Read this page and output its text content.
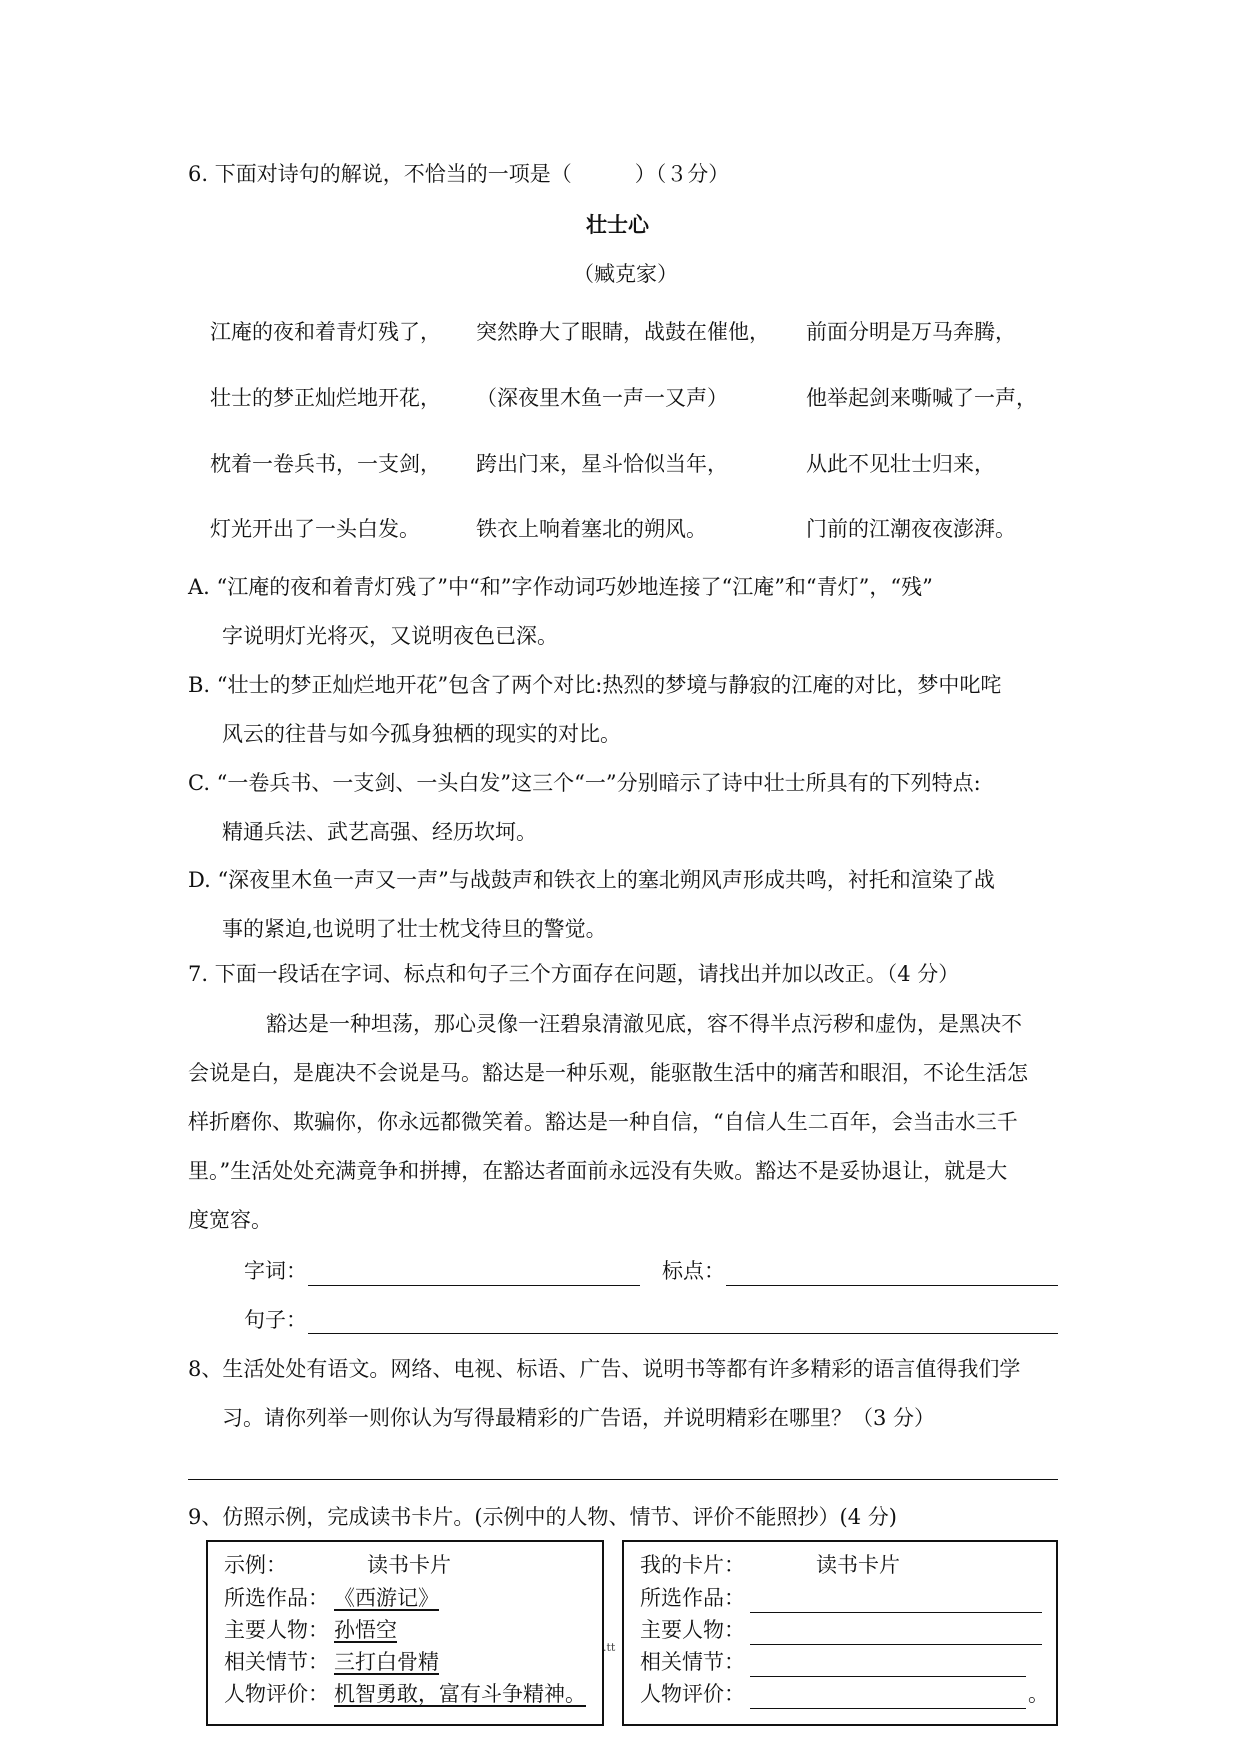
6. 下面对诗句的解说，不恰当的一项是（　　　）（３分）
壮士心
（臧克家）
江庵的夜和着青灯残了， 突然睁大了眼睛，战鼓在催他， 前面分明是万马奔腾，
壮士的梦正灿烂地开花， （深夜里木鱼一声一又声）	他举起剑来嘶喊了一声，
枕着一卷兵书，一支剑， 跨出门来，星斗恰似当年，	从此不见壮士归来，
灯光开出了一头白发。	铁衣上响着塞北的朔风。	门前的江潮夜夜澎湃。
A. “江庵的夜和着青灯残了”中“和”字作动词巧妙地连接了“江庵”和“青灯”，“残”
字说明灯光将灭，又说明夜色已深。
B. “壮士的梦正灿烂地开花”包含了两个对比:热烈的梦境与静寂的江庵的对比，梦中叱咤
风云的往昔与如今孤身独栖的现实的对比。
C. “一卷兵书、一支剑、一头白发”这三个“一”分别暗示了诗中壮士所具有的下列特点:
精通兵法、武艺高强、经历坎坷。
D. “深夜里木鱼一声又一声”与战鼓声和铁衣上的塞北朔风声形成共鸣，衬托和渲染了战
事的紧迫,也说明了壮士枕戈待旦的警觉。
7. 下面一段话在字词、标点和句子三个方面存在问题，请找出并加以改正。（4 分）
豁达是一种坦荡，那心灵像一汪碧泉清澈见底，容不得半点污秽和虚伪，是黑决不
会说是白，是鹿决不会说是马。豁达是一种乐观，能驱散生活中的痛苦和眼泪，不论生活怎
样折磨你、欺骗你，你永远都微笑着。豁达是一种自信，“自信人生二百年，会当击水三千
里。”生活处处充满竟争和拼搏，在豁达者面前永远没有失败。豁达不是妥协退让，就是大
度宽容。
字词：	标点：
句子：
8、生活处处有语文。网络、电视、标语、广告、说明书等都有许多精彩的语言值得我们学
习。请你列举一则你认为写得最精彩的广告语，并说明精彩在哪里？（3 分）
9、仿照示例，完成读书卡片。(示例中的人物、情节、评价不能照抄）(4 分)
示例：	读书卡片
所选作品： 《西游记》
主要人物： 孙悟空
相关情节： 三打白骨精
人物评价： 机智勇敢，富有斗争精神。
我的卡片：	读书卡片
所选作品：
主要人物：
相关情节：
人物评价：	。
.tt
